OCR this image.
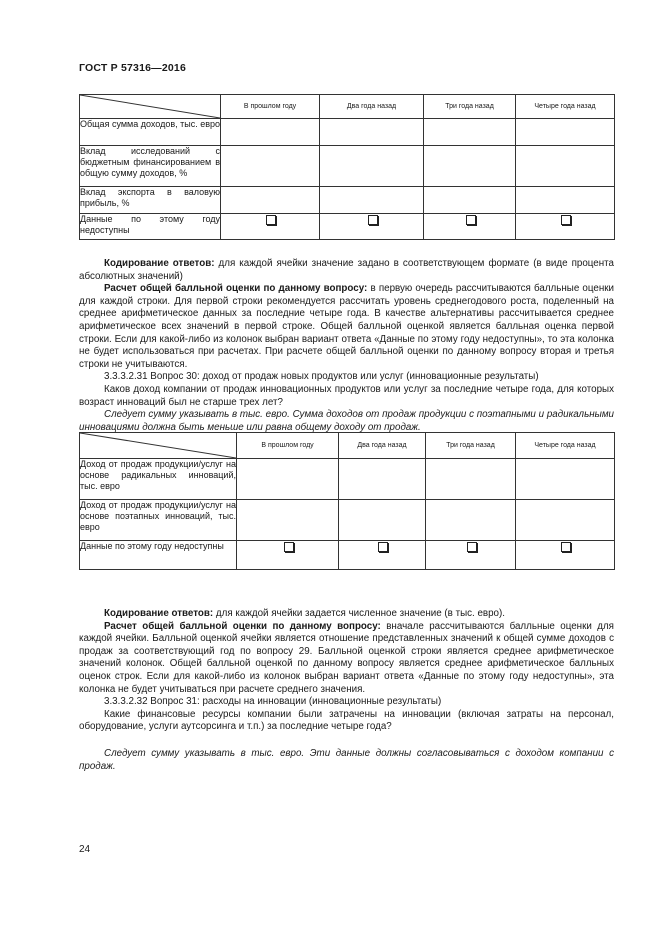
ГОСТ Р 57316—2016
	В прошлом году	Два года назад	Три года назад	Четыре года назад
Общая сумма доходов, тыс. евро				
Вклад исследований с бюджетным финансированием в общую сумму доходов, %				
Вклад экспорта в валовую прибыль, %				
Данные по этому году недоступны				

Кодирование ответов: для каждой ячейки значение задано в соответствующем формате (в виде процента абсолютных значений)

Расчет общей балльной оценки по данному вопросу: в первую очередь рассчитываются балльные оценки для каждой строки. Для первой строки рекомендуется рассчитать уровень среднегодового роста, поделенный на среднее арифметическое данных за последние четыре года. В качестве альтернативы рассчитывается среднее арифметическое всех значений в первой строке. Общей балльной оценкой является балльная оценка первой строки. Если для какой-либо из колонок выбран вариант ответа «Данные по этому году недоступны», то эта колонка не будет использоваться при расчетах. При расчете общей балльной оценки по данному вопросу вторая и третья строки не учитываются.

3.3.3.2.31 Вопрос 30: доход от продаж новых продуктов или услуг (инновационные результаты)

Каков доход компании от продаж инновационных продуктов или услуг за последние четыре года, для которых возраст инноваций был не старше трех лет?

Следует сумму указывать в тыс. евро. Сумма доходов от продаж продукции с поэтапными и радикальными инновациями должна быть меньше или равна общему доходу от продаж.

	В прошлом году	Два года назад	Три года назад	Четыре года назад
Доход от продаж продукции/услуг на основе радикальных инноваций, тыс. евро				
Доход от продаж продукции/услуг на основе поэтапных инноваций, тыс. евро				
Данные по этому году недоступны				

Кодирование ответов: для каждой ячейки задается численное значение (в тыс. евро).

Расчет общей балльной оценки по данному вопросу: вначале рассчитываются балльные оценки для каждой ячейки. Балльной оценкой ячейки является отношение представленных значений к общей сумме доходов с продаж за соответствующий год по вопросу 29. Балльной оценкой строки является среднее арифметическое значений колонок. Общей балльной оценкой по данному вопросу является среднее арифметическое балльных оценок строк. Если для какой-либо из колонок выбран вариант ответа «Данные по этому году недоступны», эта колонка не будет учитываться при расчете среднего значения.

3.3.3.2.32 Вопрос 31: расходы на инновации (инновационные результаты)

Какие финансовые ресурсы компании были затрачены на инновации (включая затраты на персонал, оборудование, услуги аутсорсинга и т.п.) за последние четыре года?

Следует сумму указывать в тыс. евро. Эти данные должны согласовываться с доходом компании с продаж.

24
